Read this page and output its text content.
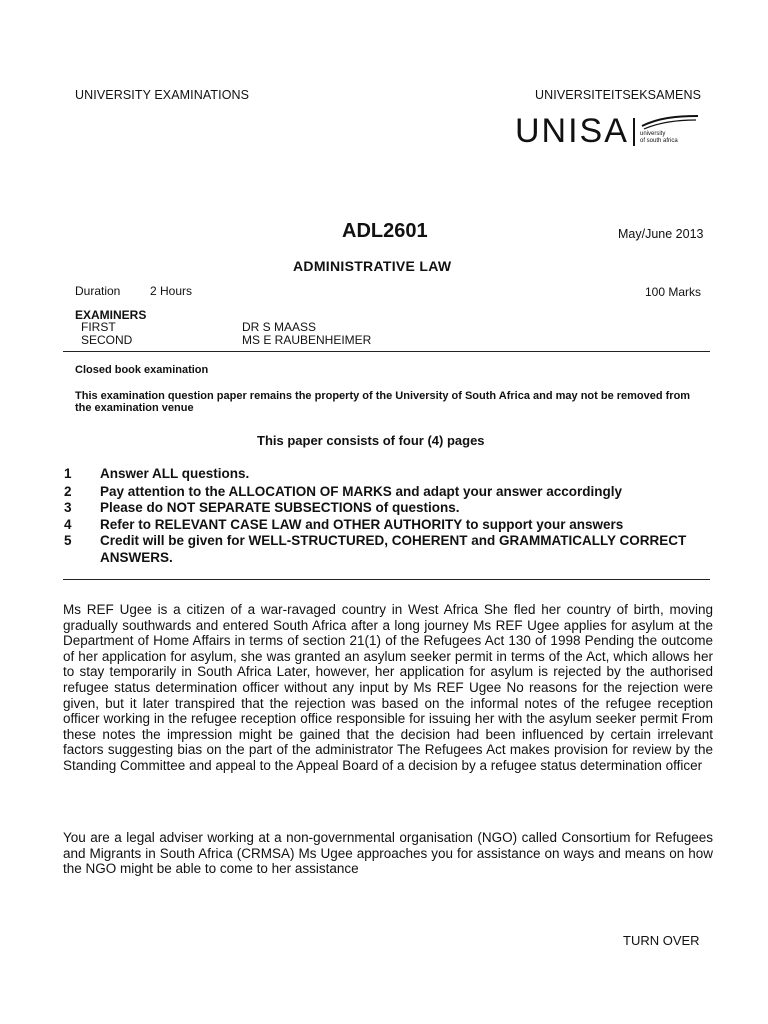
UNIVERSITY EXAMINATIONS	UNIVERSITEITSEKSAMENS
UNISA university
of south africa
ADL2601	May/June 2013
ADMINISTRATIVE LAW
Duration 2 Hours	100 Marks
EXAMINERS
FIRST	DR S MAASS
SECOND	MS E RAUBENHEIMER
Closed book examination
This examination question paper remains the property of the University of South Africa and may not be removed from the examination venue
This paper consists of four (4) pages
1 Answer ALL questions.
2 Pay attention to the ALLOCATION OF MARKS and adapt your answer accordingly
3 Please do NOT SEPARATE SUBSECTIONS of questions.
4 Refer to RELEVANT CASE LAW and OTHER AUTHORITY to support your answers
5 Credit will be given for WELL-STRUCTURED, COHERENT and GRAMMATICALLY CORRECT ANSWERS.
Ms REF Ugee is a citizen of a war-ravaged country in West Africa She fled her country of birth, moving gradually southwards and entered South Africa after a long journey Ms REF Ugee applies for asylum at the Department of Home Affairs in terms of section 21(1) of the Refugees Act 130 of 1998 Pending the outcome of her application for asylum, she was granted an asylum seeker permit in terms of the Act, which allows her to stay temporarily in South Africa Later, however, her application for asylum is rejected by the authorised refugee status determination officer without any input by Ms REF Ugee No reasons for the rejection were given, but it later transpired that the rejection was based on the informal notes of the refugee reception officer working in the refugee reception office responsible for issuing her with the asylum seeker permit From these notes the impression might be gained that the decision had been influenced by certain irrelevant factors suggesting bias on the part of the administrator The Refugees Act makes provision for review by the Standing Committee and appeal to the Appeal Board of a decision by a refugee status determination officer
You are a legal adviser working at a non-governmental organisation (NGO) called Consortium for Refugees and Migrants in South Africa (CRMSA) Ms Ugee approaches you for assistance on ways and means on how the NGO might be able to come to her assistance
TURN OVER
